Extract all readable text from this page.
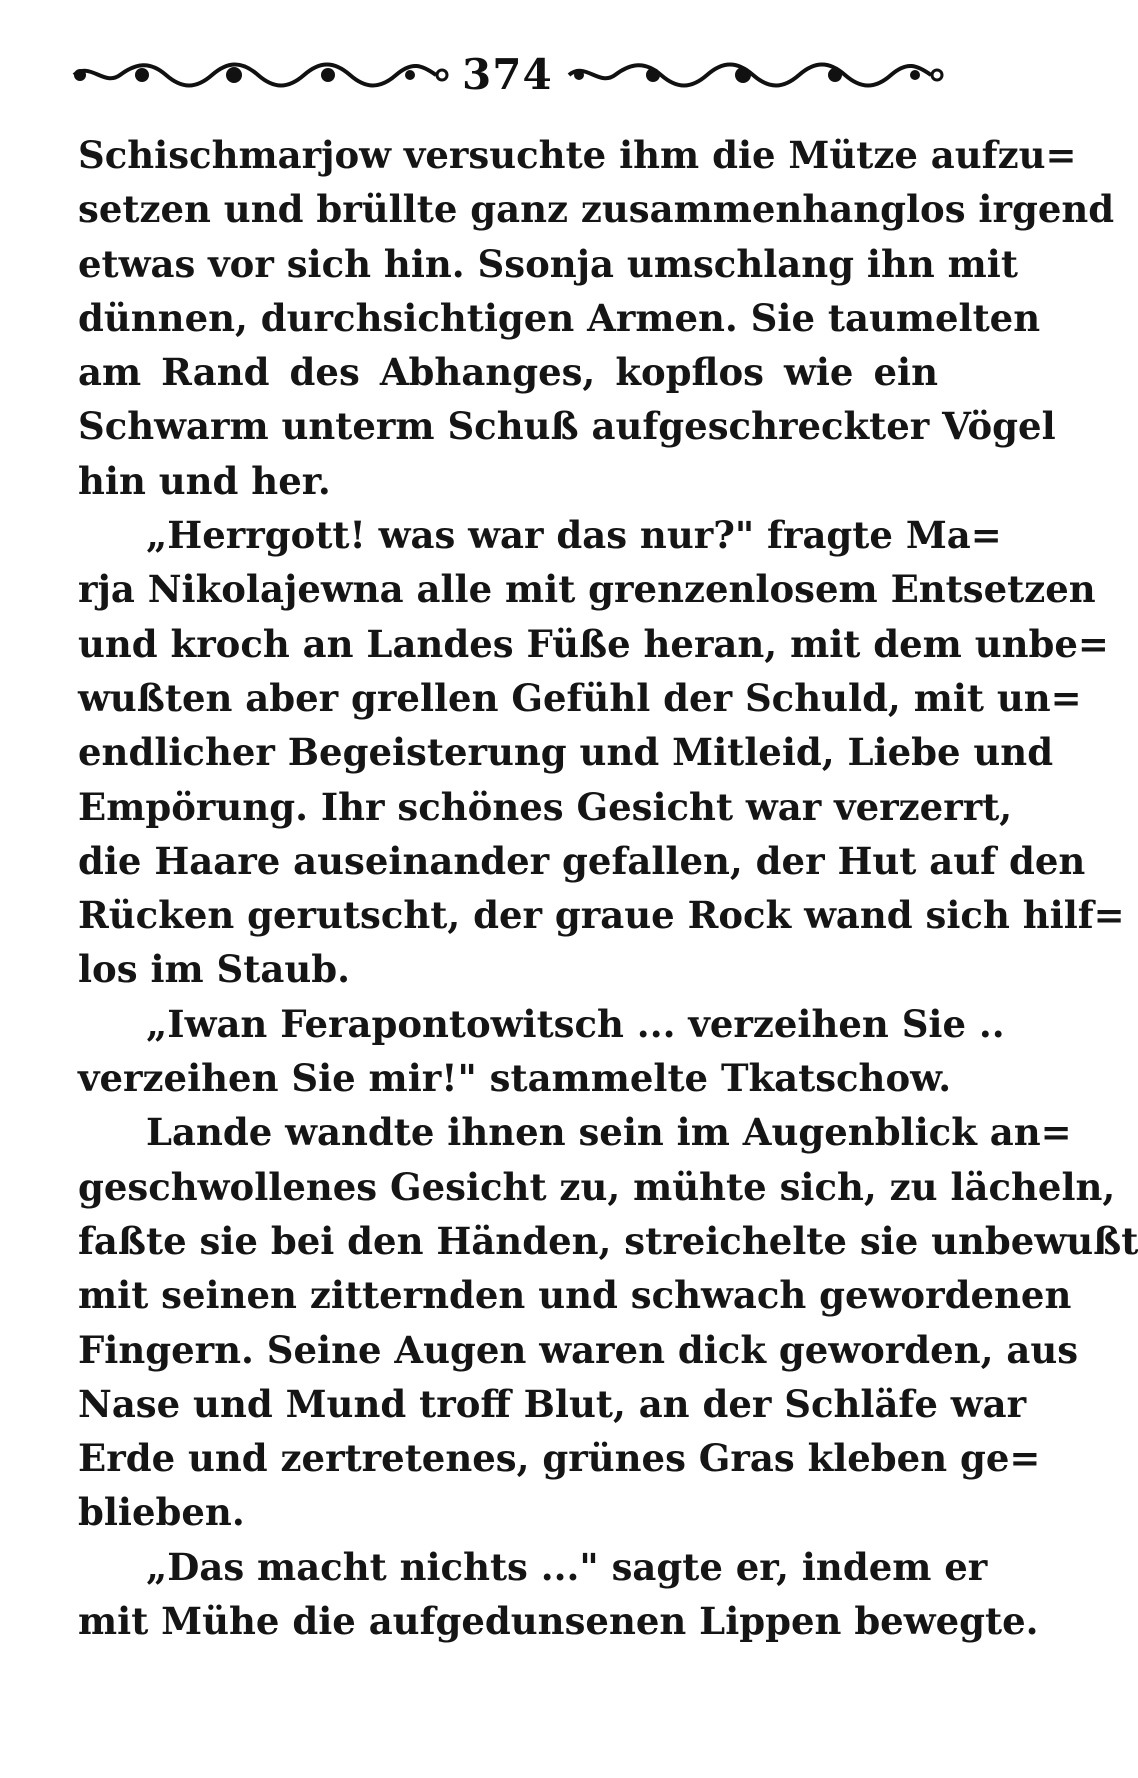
374
Schischmarjow versuchte ihm die Mütze aufzu=
setzen und brüllte ganz zusammenhanglos irgend
etwas vor sich hin. Ssonja umschlang ihn mit
dünnen, durchsichtigen Armen. Sie taumelten
am Rand des Abhanges, kopflos wie ein
Schwarm unterm Schuß aufgeschreckter Vögel
hin und her.
„Herrgott! was war das nur?" fragte Ma=
rja Nikolajewna alle mit grenzenlosem Entsetzen
und kroch an Landes Füße heran, mit dem unbe=
wußten aber grellen Gefühl der Schuld, mit un=
endlicher Begeisterung und Mitleid, Liebe und
Empörung. Ihr schönes Gesicht war verzerrt,
die Haare auseinander gefallen, der Hut auf den
Rücken gerutscht, der graue Rock wand sich hilf=
los im Staub.
„Iwan Ferapontowitsch ... verzeihen Sie ..
verzeihen Sie mir!" stammelte Tkatschow.
Lande wandte ihnen sein im Augenblick an=
geschwollenes Gesicht zu, mühte sich, zu lächeln,
faßte sie bei den Händen, streichelte sie unbewußt
mit seinen zitternden und schwach gewordenen
Fingern. Seine Augen waren dick geworden, aus
Nase und Mund troff Blut, an der Schläfe war
Erde und zertretenes, grünes Gras kleben ge=
blieben.
„Das macht nichts ..." sagte er, indem er
mit Mühe die aufgedunsenen Lippen bewegte.
